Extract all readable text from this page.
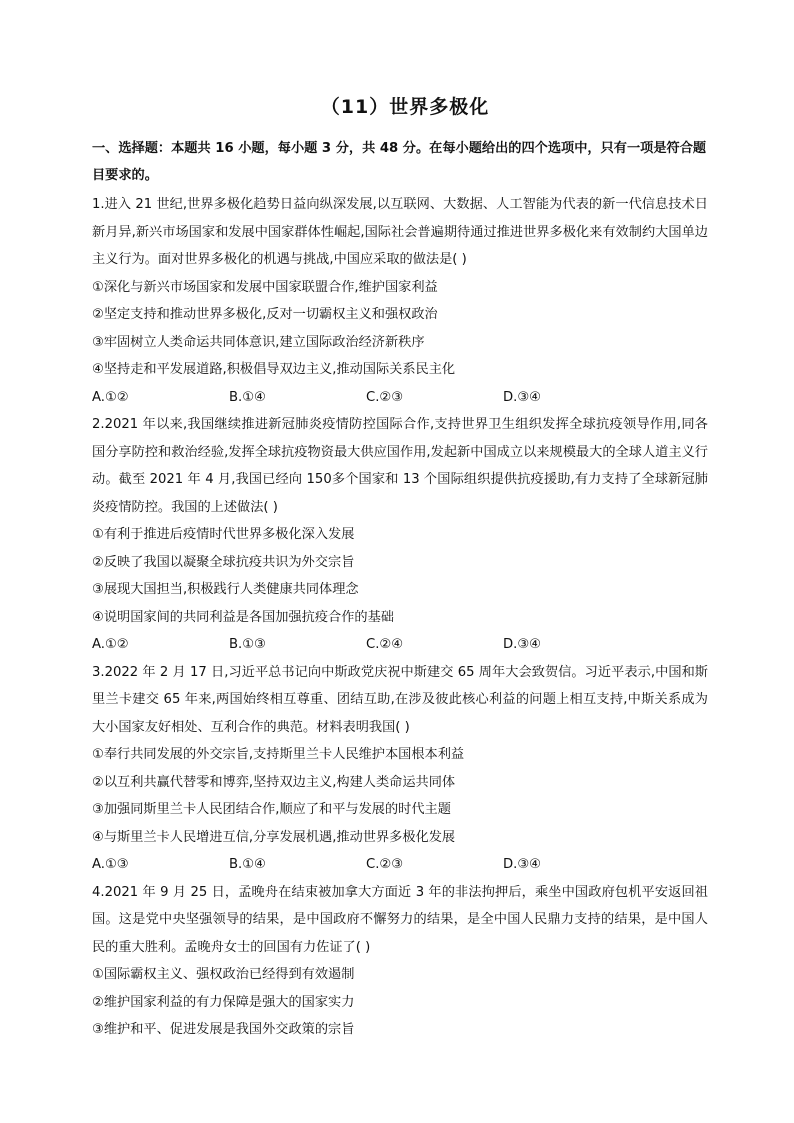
（11）世界多极化

一、选择题：本题共 16 小题，每小题 3 分，共 48 分。在每小题给出的四个选项中，只有一项是符合题目要求的。

1.进入 21 世纪,世界多极化趋势日益向纵深发展,以互联网、大数据、人工智能为代表的新一代信息技术日新月异,新兴市场国家和发展中国家群体性崛起,国际社会普遍期待通过推进世界多极化来有效制约大国单边主义行为。面对世界多极化的机遇与挑战,中国应采取的做法是( )

①深化与新兴市场国家和发展中国家联盟合作,维护国家利益

②坚定支持和推动世界多极化,反对一切霸权主义和强权政治

③牢固树立人类命运共同体意识,建立国际政治经济新秩序

④坚持走和平发展道路,积极倡导双边主义,推动国际关系民主化

A.①②	B.①④	C.②③	D.③④

2.2021 年以来,我国继续推进新冠肺炎疫情防控国际合作,支持世界卫生组织发挥全球抗疫领导作用,同各国分享防控和救治经验,发挥全球抗疫物资最大供应国作用,发起新中国成立以来规模最大的全球人道主义行动。截至 2021 年 4 月,我国已经向 150多个国家和 13 个国际组织提供抗疫援助,有力支持了全球新冠肺炎疫情防控。我国的上述做法( )

①有利于推进后疫情时代世界多极化深入发展

②反映了我国以凝聚全球抗疫共识为外交宗旨

③展现大国担当,积极践行人类健康共同体理念

④说明国家间的共同利益是各国加强抗疫合作的基础

A.①②	B.①③	C.②④	D.③④

3.2022 年 2 月 17 日,习近平总书记向中斯政党庆祝中斯建交 65 周年大会致贺信。习近平表示,中国和斯里兰卡建交 65 年来,两国始终相互尊重、团结互助,在涉及彼此核心利益的问题上相互支持,中斯关系成为大小国家友好相处、互利合作的典范。材料表明我国( )

①奉行共同发展的外交宗旨,支持斯里兰卡人民维护本国根本利益

②以互利共赢代替零和博弈,坚持双边主义,构建人类命运共同体

③加强同斯里兰卡人民团结合作,顺应了和平与发展的时代主题

④与斯里兰卡人民增进互信,分享发展机遇,推动世界多极化发展

A.①③	B.①④	C.②③	D.③④

4.2021 年 9 月 25 日，孟晚舟在结束被加拿大方面近 3 年的非法拘押后，乘坐中国政府包机平安返回祖国。这是党中央坚强领导的结果，是中国政府不懈努力的结果，是全中国人民鼎力支持的结果，是中国人民的重大胜利。孟晚舟女士的回国有力佐证了( )

①国际霸权主义、强权政治已经得到有效遏制

②维护国家利益的有力保障是强大的国家实力

③维护和平、促进发展是我国外交政策的宗旨
